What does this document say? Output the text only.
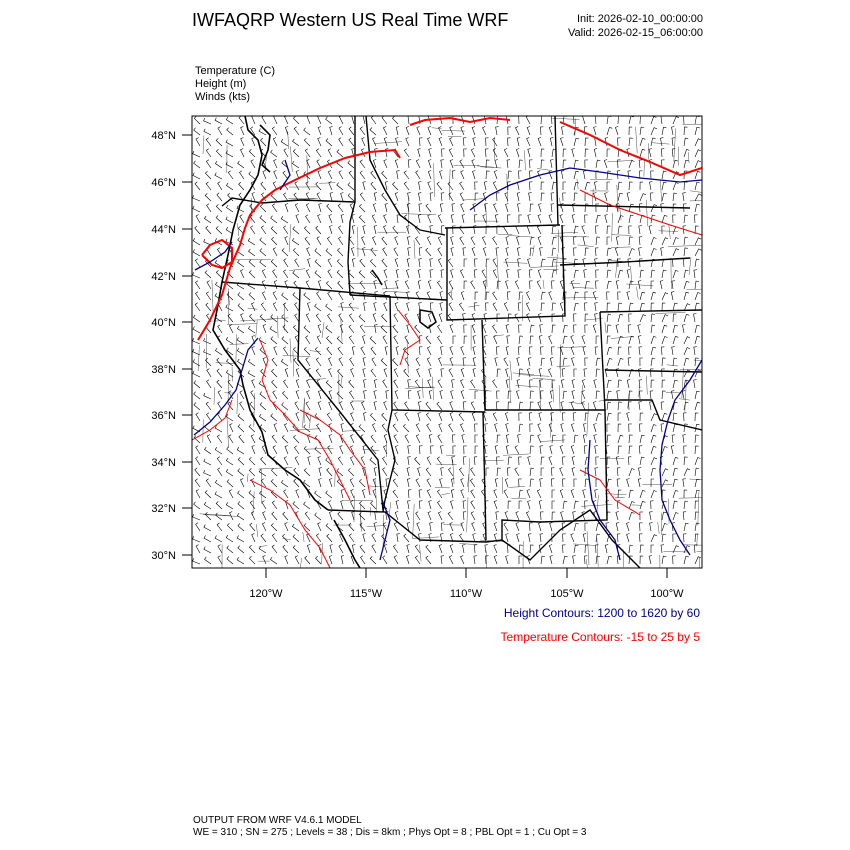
IWFAQRP Western US Real Time WRF	Init: 2026-02-10_00:00:00
Valid: 2026-02-15_06:00:00
Temperature (C)
Height (m)
Winds (kts)
48°N
46°N
44°N
42°N
40°N
38°N
36°N
34°N
32°N
30°N
120°W	115°W	110°W	105°W	100°W
Height Contours: 1200 to 1620 by 60
Temperature Contours: -15 to 25 by 5
OUTPUT FROM WRF V4.6.1 MODEL
WE = 310 ; SN = 275 ; Levels = 38 ; Dis = 8km ; Phys Opt = 8 ; PBL Opt = 1 ; Cu Opt = 3
